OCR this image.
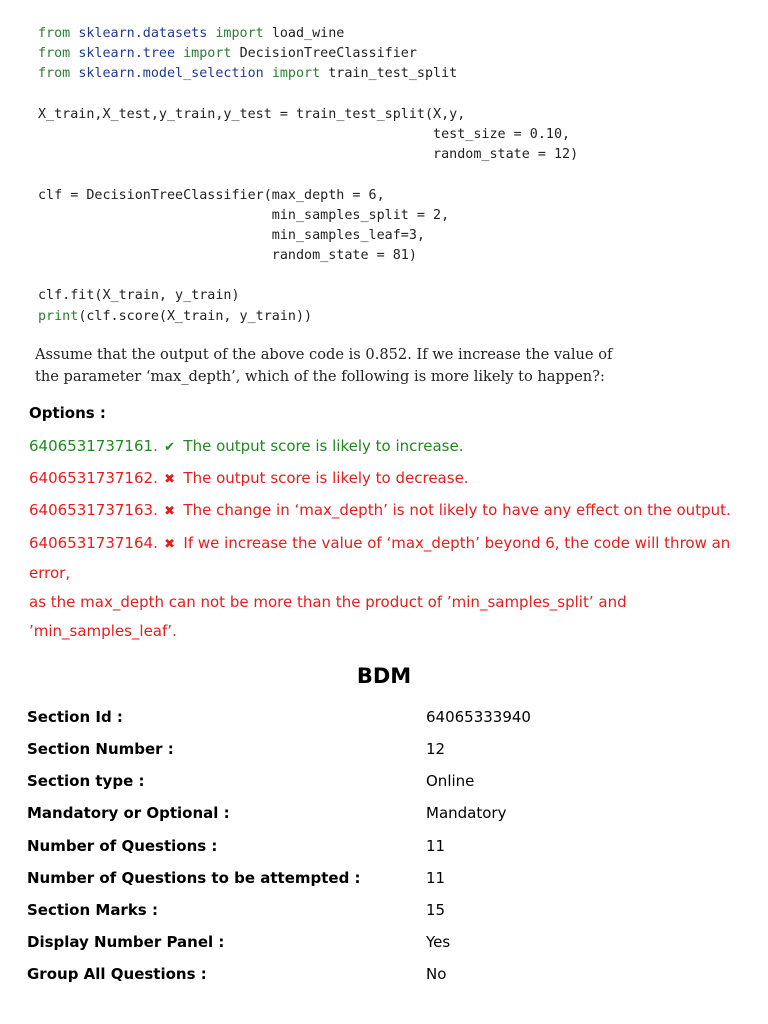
from sklearn.datasets import load_wine
from sklearn.tree import DecisionTreeClassifier
from sklearn.model_selection import train_test_split
X_train,X_test,y_train,y_test = train_test_split(X,y,
test_size = 0.10,
random_state = 12)
clf = DecisionTreeClassifier(max_depth = 6,
min_samples_split = 2,
min_samples_leaf=3,
random_state = 81)
clf.fit(X_train, y_train)
print(clf.score(X_train, y_train))
Assume that the output of the above code is 0.852. If we increase the value of the parameter ‘max_depth’, which of the following is more likely to happen?:
Options :
6406531737161. ✔ The output score is likely to increase.
6406531737162. ✖ The output score is likely to decrease.
6406531737163. ✖ The change in ‘max_depth’ is not likely to have any effect on the output.
6406531737164. ✖ If we increase the value of ‘max_depth’ beyond 6, the code will throw an error,
as the max_depth can not be more than the product of ’min_samples_split’ and ’min_samples_leaf’.
BDM
Section Id :	64065333940
Section Number :	12
Section type :	Online
Mandatory or Optional :	Mandatory
Number of Questions :	11
Number of Questions to be attempted :	11
Section Marks :	15
Display Number Panel :	Yes
Group All Questions :	No
